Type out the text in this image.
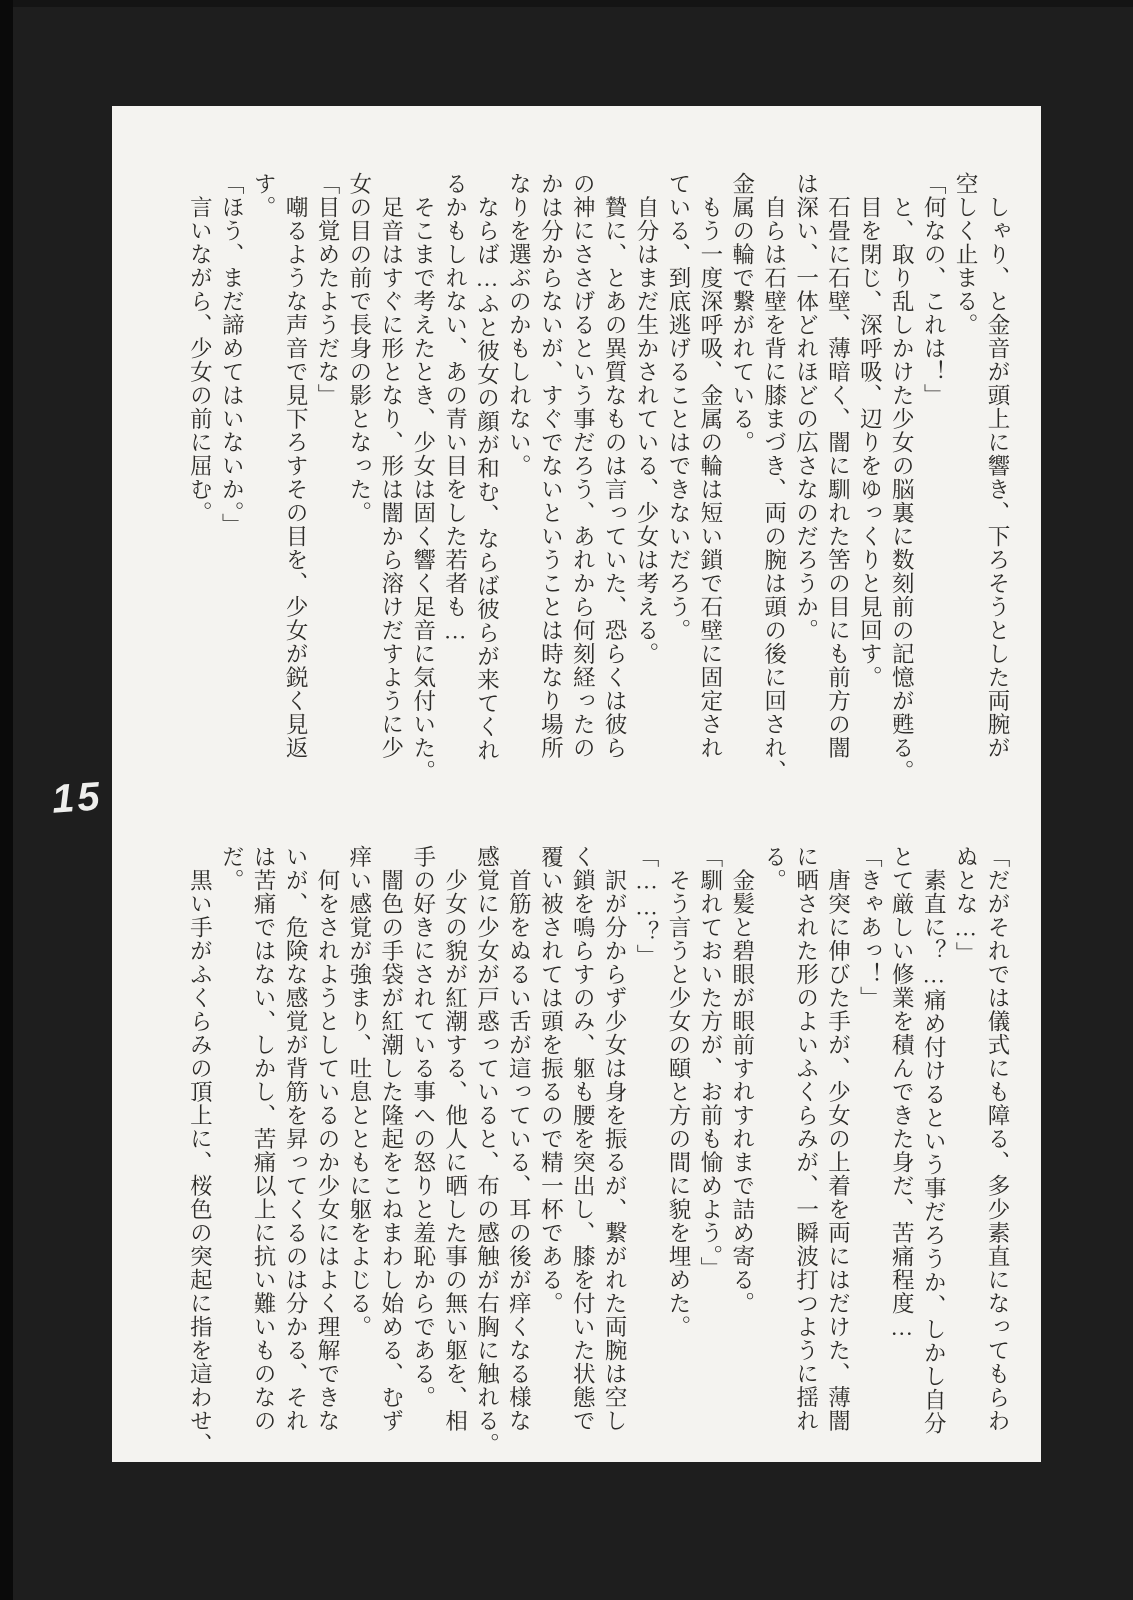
　しゃり、と金音が頭上に響き、下ろそうとした両腕が

空しく止まる。

「何なの、これは！」

　と、取り乱しかけた少女の脳裏に数刻前の記憶が甦る。

　目を閉じ、深呼吸、辺りをゆっくりと見回す。

　石畳に石壁、薄暗く、闇に馴れた筈の目にも前方の闇

は深い、一体どれほどの広さなのだろうか。

　自らは石壁を背に膝まづき、両の腕は頭の後に回され、

金属の輪で繋がれている。

　もう一度深呼吸、金属の輪は短い鎖で石壁に固定され

ている、到底逃げることはできないだろう。

　自分はまだ生かされている、少女は考える。

　贄に、とあの異質なものは言っていた、恐らくは彼ら

の神にささげるという事だろう、あれから何刻経ったの

かは分からないが、すぐでないということは時なり場所

なりを選ぶのかもしれない。

　ならば…ふと彼女の顔が和む、ならば彼らが来てくれ

るかもしれない、あの青い目をした若者も…

　そこまで考えたとき、少女は固く響く足音に気付いた。

　足音はすぐに形となり、形は闇から溶けだすように少

女の目の前で長身の影となった。

「目覚めたようだな」

　嘲るような声音で見下ろすその目を、少女が鋭く見返

す。

「ほう、まだ諦めてはいないか。」

　言いながら、少女の前に屈む。

「だがそれでは儀式にも障る、多少素直になってもらわ

ぬとな…」

　素直に？…痛め付けるという事だろうか、しかし自分

とて厳しい修業を積んできた身だ、苦痛程度…

「きゃあっ！」

　唐突に伸びた手が、少女の上着を両にはだけた、薄闇

に晒された形のよいふくらみが、一瞬波打つように揺れ

る。

　金髪と碧眼が眼前すれすれまで詰め寄る。

「馴れておいた方が、お前も愉めよう。」

　そう言うと少女の頤と方の間に貌を埋めた。

「……？」

　訳が分からず少女は身を振るが、繋がれた両腕は空し

く鎖を鳴らすのみ、躯も腰を突出し、膝を付いた状態で

覆い被されては頭を振るので精一杯である。

　首筋をぬるい舌が這っている、耳の後が痒くなる様な

感覚に少女が戸惑っていると、布の感触が右胸に触れる。

　少女の貌が紅潮する、他人に晒した事の無い躯を、相

手の好きにされている事への怒りと羞恥からである。

　闇色の手袋が紅潮した隆起をこねまわし始める、むず

痒い感覚が強まり、吐息とともに躯をよじる。

　何をされようとしているのか少女にはよく理解できな

いが、危険な感覚が背筋を昇ってくるのは分かる、それ

は苦痛ではない、しかし、苦痛以上に抗い難いものなの

だ。

　黒い手がふくらみの頂上に、桜色の突起に指を這わせ、

15
